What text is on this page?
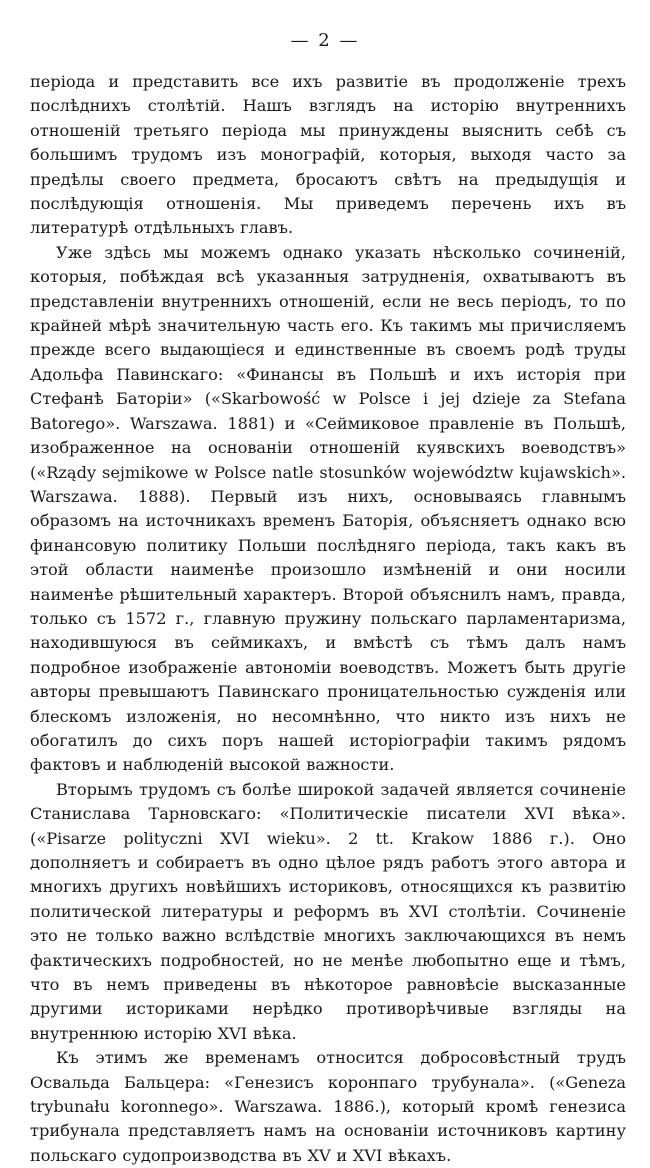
— 2 —

періода и представить все ихъ развитіе въ продолженіе трехъ послѣднихъ столѣтій. Нашъ взглядъ на исторію внутреннихъ отношеній третьяго періода мы принуждены выяснить себѣ съ большимъ трудомъ изъ монографій, которыя, выходя часто за предѣлы своего предмета, бросаютъ свѣтъ на предыдущія и послѣдующія отношенія. Мы приведемъ перечень ихъ въ литературѣ отдѣльныхъ главъ.

Уже здѣсь мы можемъ однако указать нѣсколько сочиненій, которыя, побѣждая всѣ указанныя затрудненія, охватываютъ въ представленіи внутреннихъ отношеній, если не весь періодъ, то по крайней мѣрѣ значительную часть его. Къ такимъ мы причисляемъ прежде всего выдающіеся и единственные въ своемъ родѣ труды Адольфа Павинскаго: «Финансы въ Польшѣ и ихъ исторія при Стефанѣ Баторіи» («Skarbowość w Polsce i jej dzieje za Stefana Batorego». Warszawa. 1881) и «Сеймиковое правленіе въ Польшѣ, изображенное на основаніи отношеній куявскихъ воеводствъ» («Rządy sejmikowe w Polsce natle stosunków województw kujawskich». Warszawa. 1888). Первый изъ нихъ, основываясь главнымъ образомъ на источникахъ временъ Баторія, объясняетъ однако всю финансовую политику Польши послѣдняго періода, такъ какъ въ этой области наименѣе произошло измѣненій и они носили наименѣе рѣшительный характеръ. Второй объяснилъ намъ, правда, только съ 1572 г., главную пружину польскаго парламентаризма, находившуюся въ сеймикахъ, и вмѣстѣ съ тѣмъ далъ намъ подробное изображеніе автономіи воеводствъ. Можетъ быть другіе авторы превышаютъ Павинскаго проницательностью сужденія или блескомъ изложенія, но несомнѣнно, что никто изъ нихъ не обогатилъ до сихъ поръ нашей исторіографіи такимъ рядомъ фактовъ и наблюденій высокой важности.

Вторымъ трудомъ съ болѣе широкой задачей является сочиненіе Станислава Тарновскаго: «Политическіе писатели XVI вѣка». («Pisarze polityczni XVI wieku». 2 tt. Krakow 1886 г.). Оно дополняетъ и собираетъ въ одно цѣлое рядъ работъ этого автора и многихъ другихъ новѣйшихъ историковъ, относящихся къ развитію политической литературы и реформъ въ XVI столѣтіи. Сочиненіе это не только важно вслѣдствіе многихъ заключающихся въ немъ фактическихъ подробностей, но не менѣе любопытно еще и тѣмъ, что въ немъ приведены въ нѣкоторое равновѣсіе высказанные другими историками нерѣдко противорѣчивые взгляды на внутреннюю исторію XVI вѣка.

Къ этимъ же временамъ относится добросовѣстный трудъ Освальда Бальцера: «Генезисъ коронпаго трубунала». («Geneza trybunału koronnego». Warszawa. 1886.), который кромѣ генезиса трибунала представляетъ намъ на основаніи источниковъ картину польскаго судопроизводства въ XV и XVI вѣкахъ.
